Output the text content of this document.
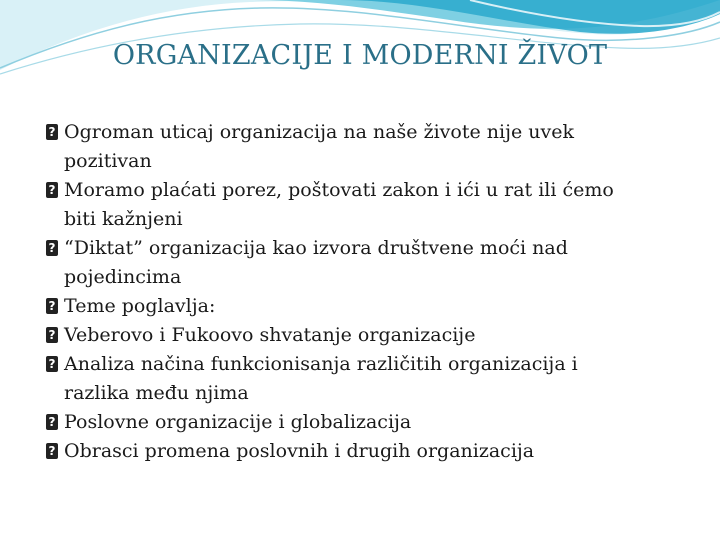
ORGANIZACIJE I MODERNI ŽIVOT
? Ogroman uticaj organizacija na naše živote nije uvek
pozitivan
? Moramo plaćati porez, poštovati zakon i ići u rat ili ćemo
biti kažnjeni
? “Diktat” organizacija kao izvora društvene moći nad
pojedincima
? Teme poglavlja:
? Veberovo i Fukoovo shvatanje organizacije
? Analiza načina funkcionisanja različitih organizacija i
razlika među njima
? Poslovne organizacije i globalizacija
? Obrasci promena poslovnih i drugih organizacija
